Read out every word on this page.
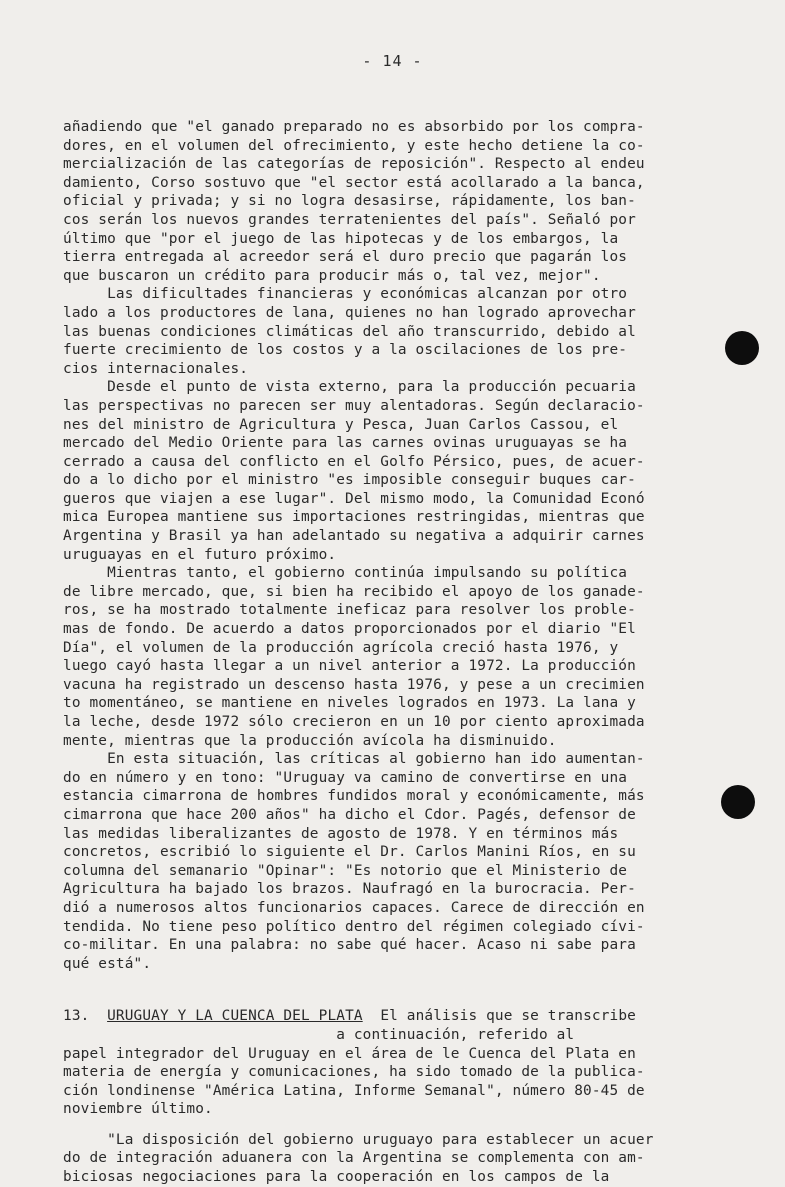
- 14 -
añadiendo que "el ganado preparado no es absorbido por los compra-
dores, en el volumen del ofrecimiento, y este hecho detiene la co-
mercialización de las categorías de reposición". Respecto al endeu
damiento, Corso sostuvo que "el sector está acollarado a la banca,
oficial y privada; y si no logra desasirse, rápidamente, los ban-
cos serán los nuevos grandes terratenientes del país". Señaló por
último que "por el juego de las hipotecas y de los embargos, la
tierra entregada al acreedor será el duro precio que pagarán los
que buscaron un crédito para producir más o, tal vez, mejor".
Las dificultades financieras y económicas alcanzan por otro
lado a los productores de lana, quienes no han logrado aprovechar
las buenas condiciones climáticas del año transcurrido, debido al
fuerte crecimiento de los costos y a la oscilaciones de los pre-
cios internacionales.
Desde el punto de vista externo, para la producción pecuaria
las perspectivas no parecen ser muy alentadoras. Según declaracio-
nes del ministro de Agricultura y Pesca, Juan Carlos Cassou, el
mercado del Medio Oriente para las carnes ovinas uruguayas se ha
cerrado a causa del conflicto en el Golfo Pérsico, pues, de acuer-
do a lo dicho por el ministro "es imposible conseguir buques car-
gueros que viajen a ese lugar". Del mismo modo, la Comunidad Econó
mica Europea mantiene sus importaciones restringidas, mientras que
Argentina y Brasil ya han adelantado su negativa a adquirir carnes
uruguayas en el futuro próximo.
Mientras tanto, el gobierno continúa impulsando su política
de libre mercado, que, si bien ha recibido el apoyo de los ganade-
ros, se ha mostrado totalmente ineficaz para resolver los proble-
mas de fondo. De acuerdo a datos proporcionados por el diario "El
Día", el volumen de la producción agrícola creció hasta 1976, y
luego cayó hasta llegar a un nivel anterior a 1972. La producción
vacuna ha registrado un descenso hasta 1976, y pese a un crecimien
to momentáneo, se mantiene en niveles logrados en 1973. La lana y
la leche, desde 1972 sólo crecieron en un 10 por ciento aproximada
mente, mientras que la producción avícola ha disminuido.
En esta situación, las críticas al gobierno han ido aumentan-
do en número y en tono: "Uruguay va camino de convertirse en una
estancia cimarrona de hombres fundidos moral y económicamente, más
cimarrona que hace 200 años" ha dicho el Cdor. Pagés, defensor de
las medidas liberalizantes de agosto de 1978. Y en términos más
concretos, escribió lo siguiente el Dr. Carlos Manini Ríos, en su
columna del semanario "Opinar": "Es notorio que el Ministerio de
Agricultura ha bajado los brazos. Naufragó en la burocracia. Per-
dió a numerosos altos funcionarios capaces. Carece de dirección en
tendida. No tiene peso político dentro del régimen colegiado cívi-
co-militar. En una palabra: no sabe qué hacer. Acaso ni sabe para
qué está".
13. URUGUAY Y LA CUENCA DEL PLATA El análisis que se transcribe
a continuación, referido al
papel integrador del Uruguay en el área de le Cuenca del Plata en
materia de energía y comunicaciones, ha sido tomado de la publica-
ción londinense "América Latina, Informe Semanal", número 80-45 de
noviembre último.
"La disposición del gobierno uruguayo para establecer un acuer
do de integración aduanera con la Argentina se complementa con am-
biciosas negociaciones para la cooperación en los campos de la
